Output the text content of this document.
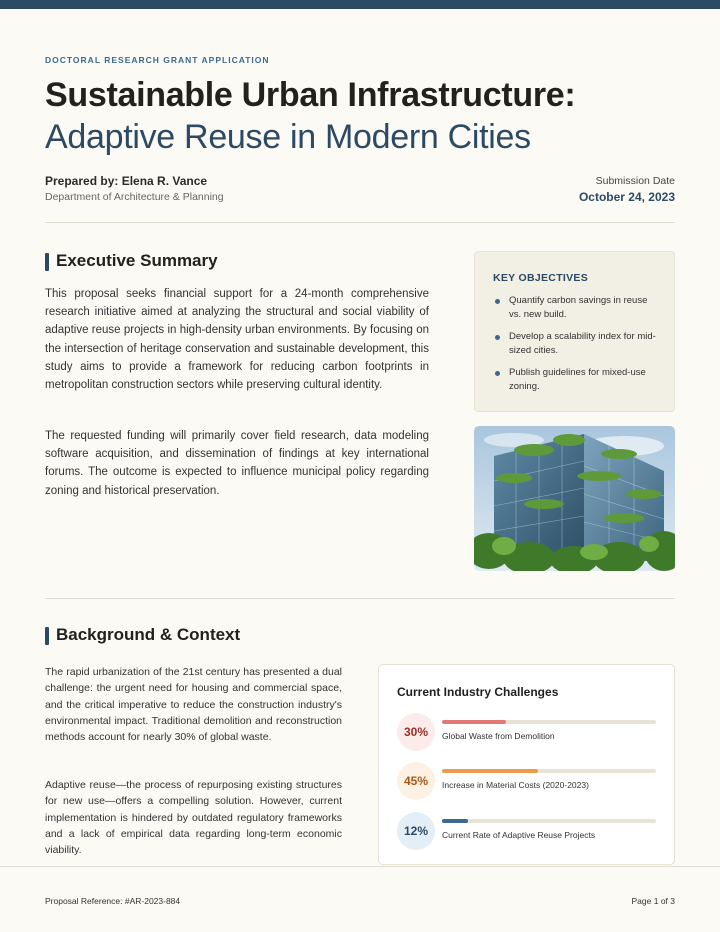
DOCTORAL RESEARCH GRANT APPLICATION
Sustainable Urban Infrastructure:
Adaptive Reuse in Modern Cities
Prepared by: Elena R. Vance
Department of Architecture & Planning
Submission Date
October 24, 2023
Executive Summary

This proposal seeks financial support for a 24-month comprehensive research initiative aimed at analyzing the structural and social viability of adaptive reuse projects in high-density urban environments. By focusing on the intersection of heritage conservation and sustainable development, this study aims to provide a framework for reducing carbon footprints in metropolitan construction sectors while preserving cultural identity.

The requested funding will primarily cover field research, data modeling software acquisition, and dissemination of findings at key international forums. The outcome is expected to influence municipal policy regarding zoning and historical preservation.

KEY OBJECTIVES
Quantify carbon savings in reuse vs. new build.
Develop a scalability index for mid-sized cities.
Publish guidelines for mixed-use zoning.
Background & Context

The rapid urbanization of the 21st century has presented a dual challenge: the urgent need for housing and commercial space, and the critical imperative to reduce the construction industry's environmental impact. Traditional demolition and reconstruction methods account for nearly 30% of global waste.

Adaptive reuse—the process of repurposing existing structures for new use—offers a compelling solution. However, current implementation is hindered by outdated regulatory frameworks and a lack of empirical data regarding long-term economic viability.

Current Industry Challenges
30%	Global Waste from Demolition
45%	Increase in Material Costs (2020-2023)
12%	Current Rate of Adaptive Reuse Projects
Proposal Reference: #AR-2023-884	Page 1 of 3
